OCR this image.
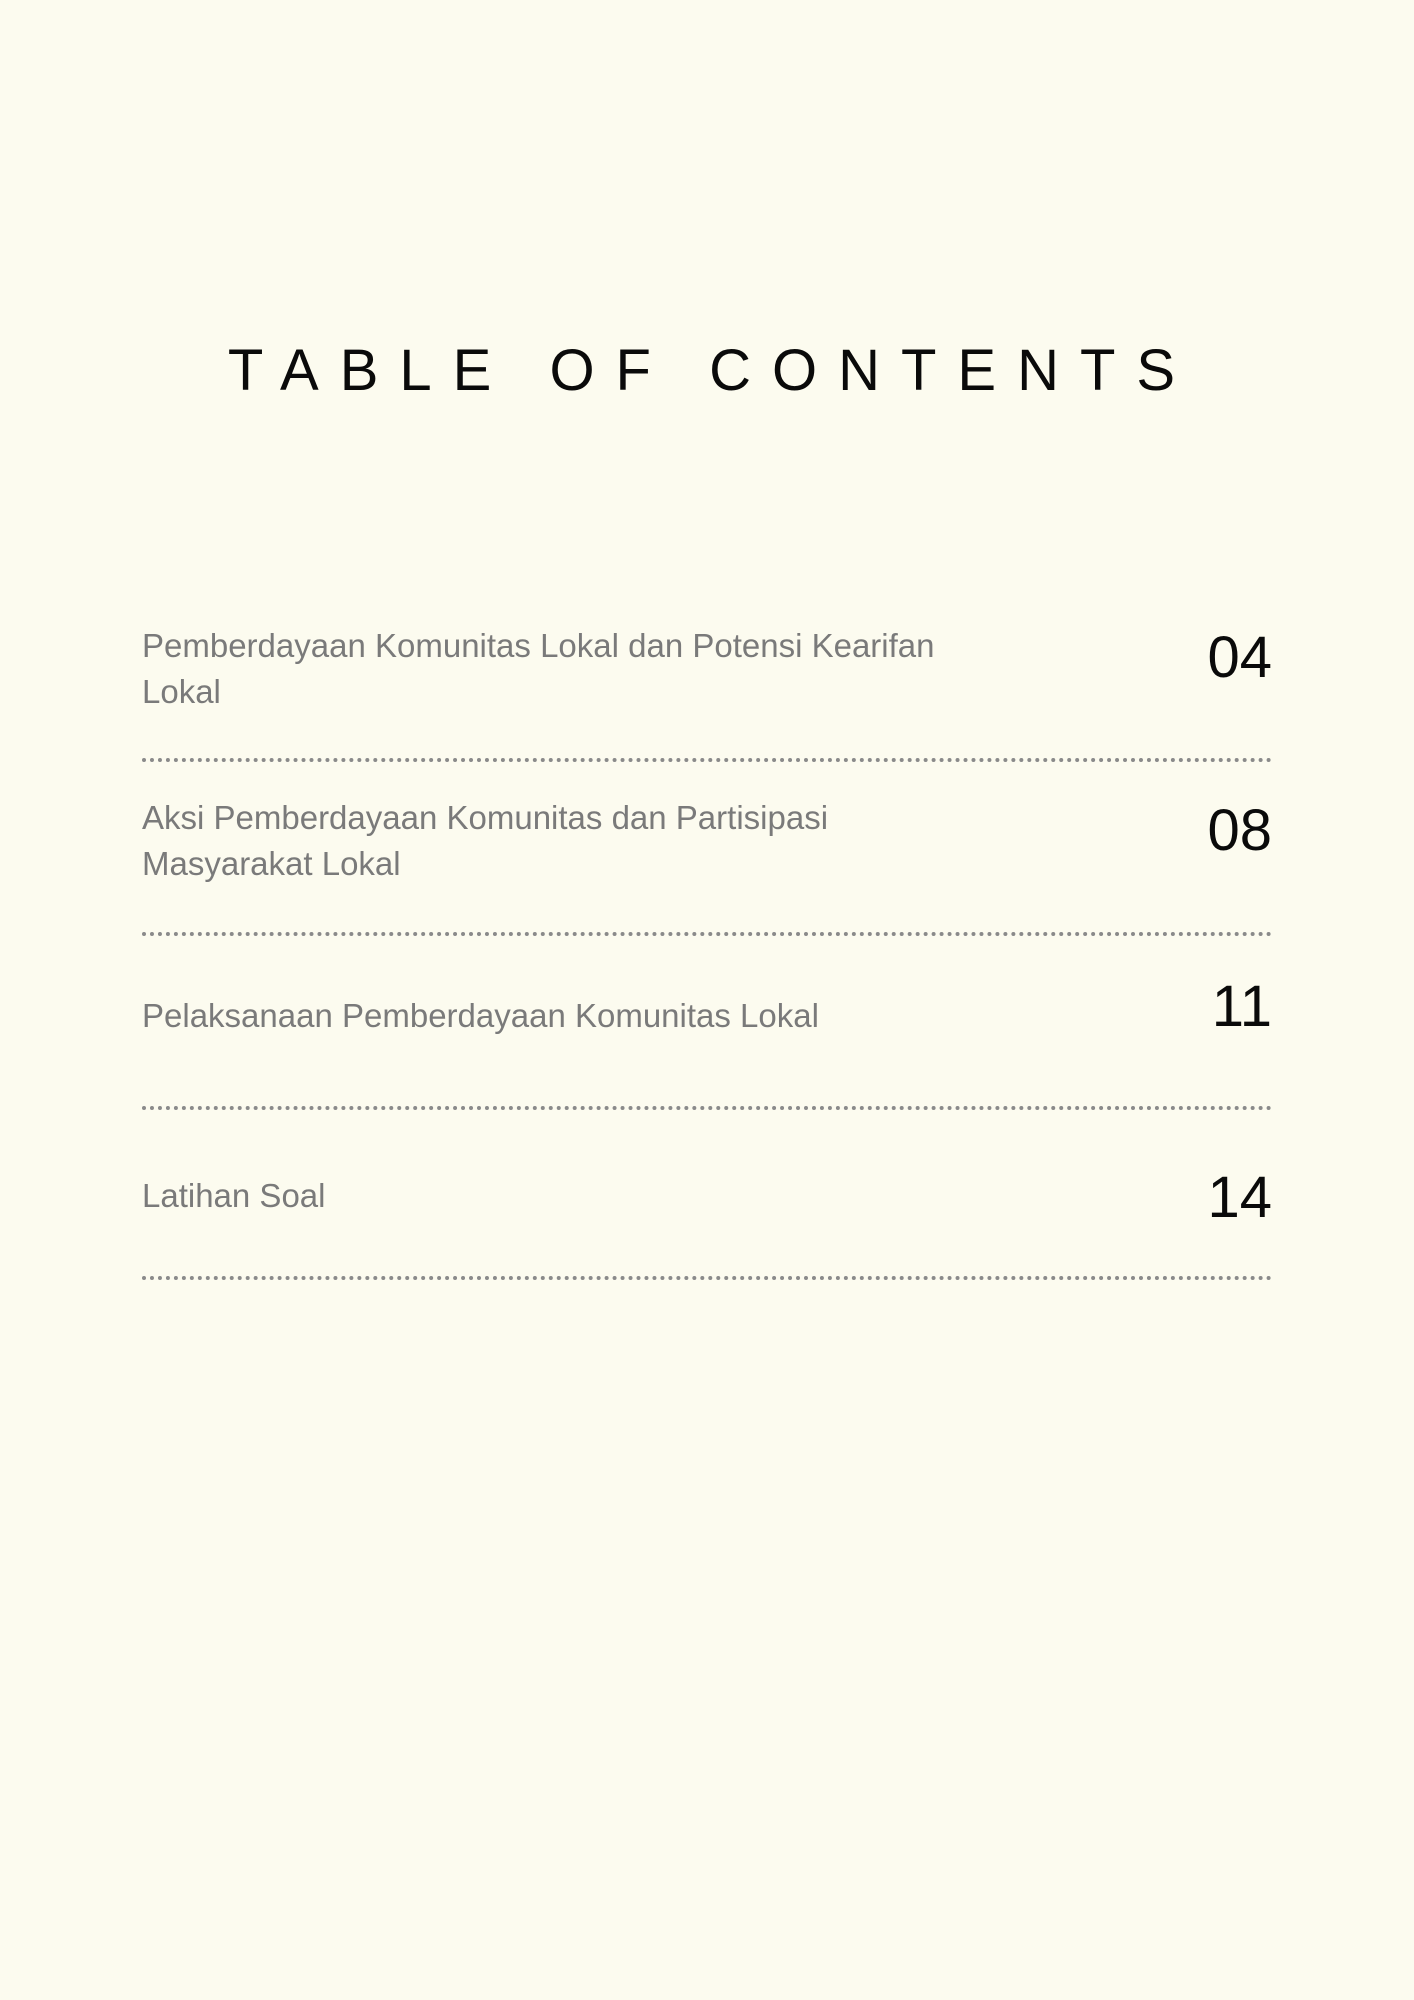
TABLE OF CONTENTS
Pemberdayaan Komunitas Lokal dan Potensi Kearifan Lokal
04
Aksi Pemberdayaan Komunitas dan Partisipasi Masyarakat Lokal
08
Pelaksanaan Pemberdayaan Komunitas Lokal	11
Latihan Soal	14
